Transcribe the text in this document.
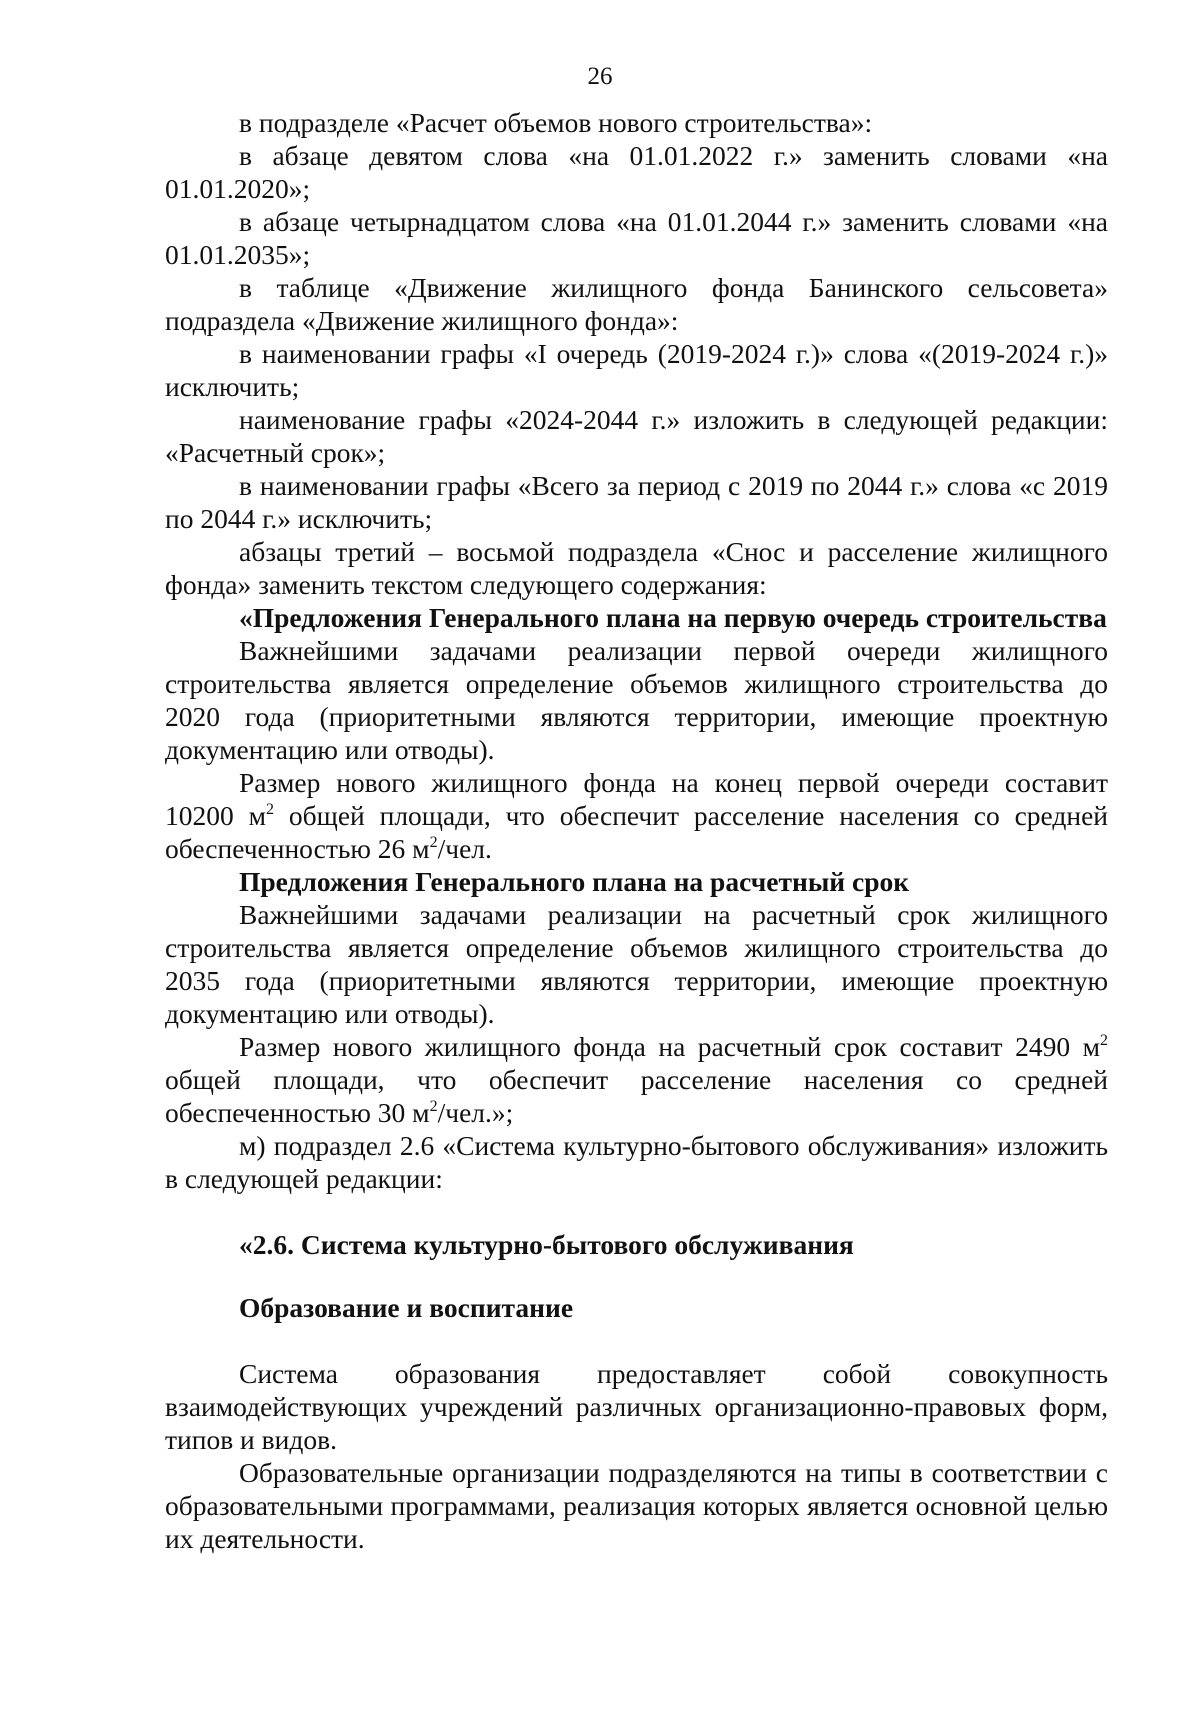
26

в подразделе «Расчет объемов нового строительства»:

в абзаце девятом слова «на 01.01.2022 г.» заменить словами «на 01.01.2020»;

в абзаце четырнадцатом слова «на 01.01.2044 г.» заменить словами «на 01.01.2035»;

в таблице «Движение жилищного фонда Банинского сельсовета» подраздела «Движение жилищного фонда»:

в наименовании графы «I очередь (2019-2024 г.)» слова «(2019-2024 г.)» исключить;

наименование графы «2024-2044 г.» изложить в следующей редакции: «Расчетный срок»;

в наименовании графы «Всего за период с 2019 по 2044 г.» слова «с 2019 по 2044 г.» исключить;

абзацы третий – восьмой подраздела «Снос и расселение жилищного фонда» заменить текстом следующего содержания:

«Предложения Генерального плана на первую очередь строительства

Важнейшими задачами реализации первой очереди жилищного строительства является определение объемов жилищного строительства до 2020 года (приоритетными являются территории, имеющие проектную документацию или отводы).

Размер нового жилищного фонда на конец первой очереди составит 10200 $м^2$ общей площади, что обеспечит расселение населения со средней обеспеченностью 26 $м^2$/чел.

Предложения Генерального плана на расчетный срок

Важнейшими задачами реализации на расчетный срок жилищного строительства является определение объемов жилищного строительства до 2035 года (приоритетными являются территории, имеющие проектную документацию или отводы).

Размер нового жилищного фонда на расчетный срок составит 2490 $м^2$ общей площади, что обеспечит расселение населения со средней обеспеченностью 30 $м^2$/чел.»;

м) подраздел 2.6 «Система культурно-бытового обслуживания» изложить в следующей редакции:

«2.6. Система культурно-бытового обслуживания

Образование и воспитание

Система образования предоставляет собой совокупность взаимодействующих учреждений различных организационно-правовых форм, типов и видов.

Образовательные организации подразделяются на типы в соответствии с образовательными программами, реализация которых является основной целью их деятельности.
